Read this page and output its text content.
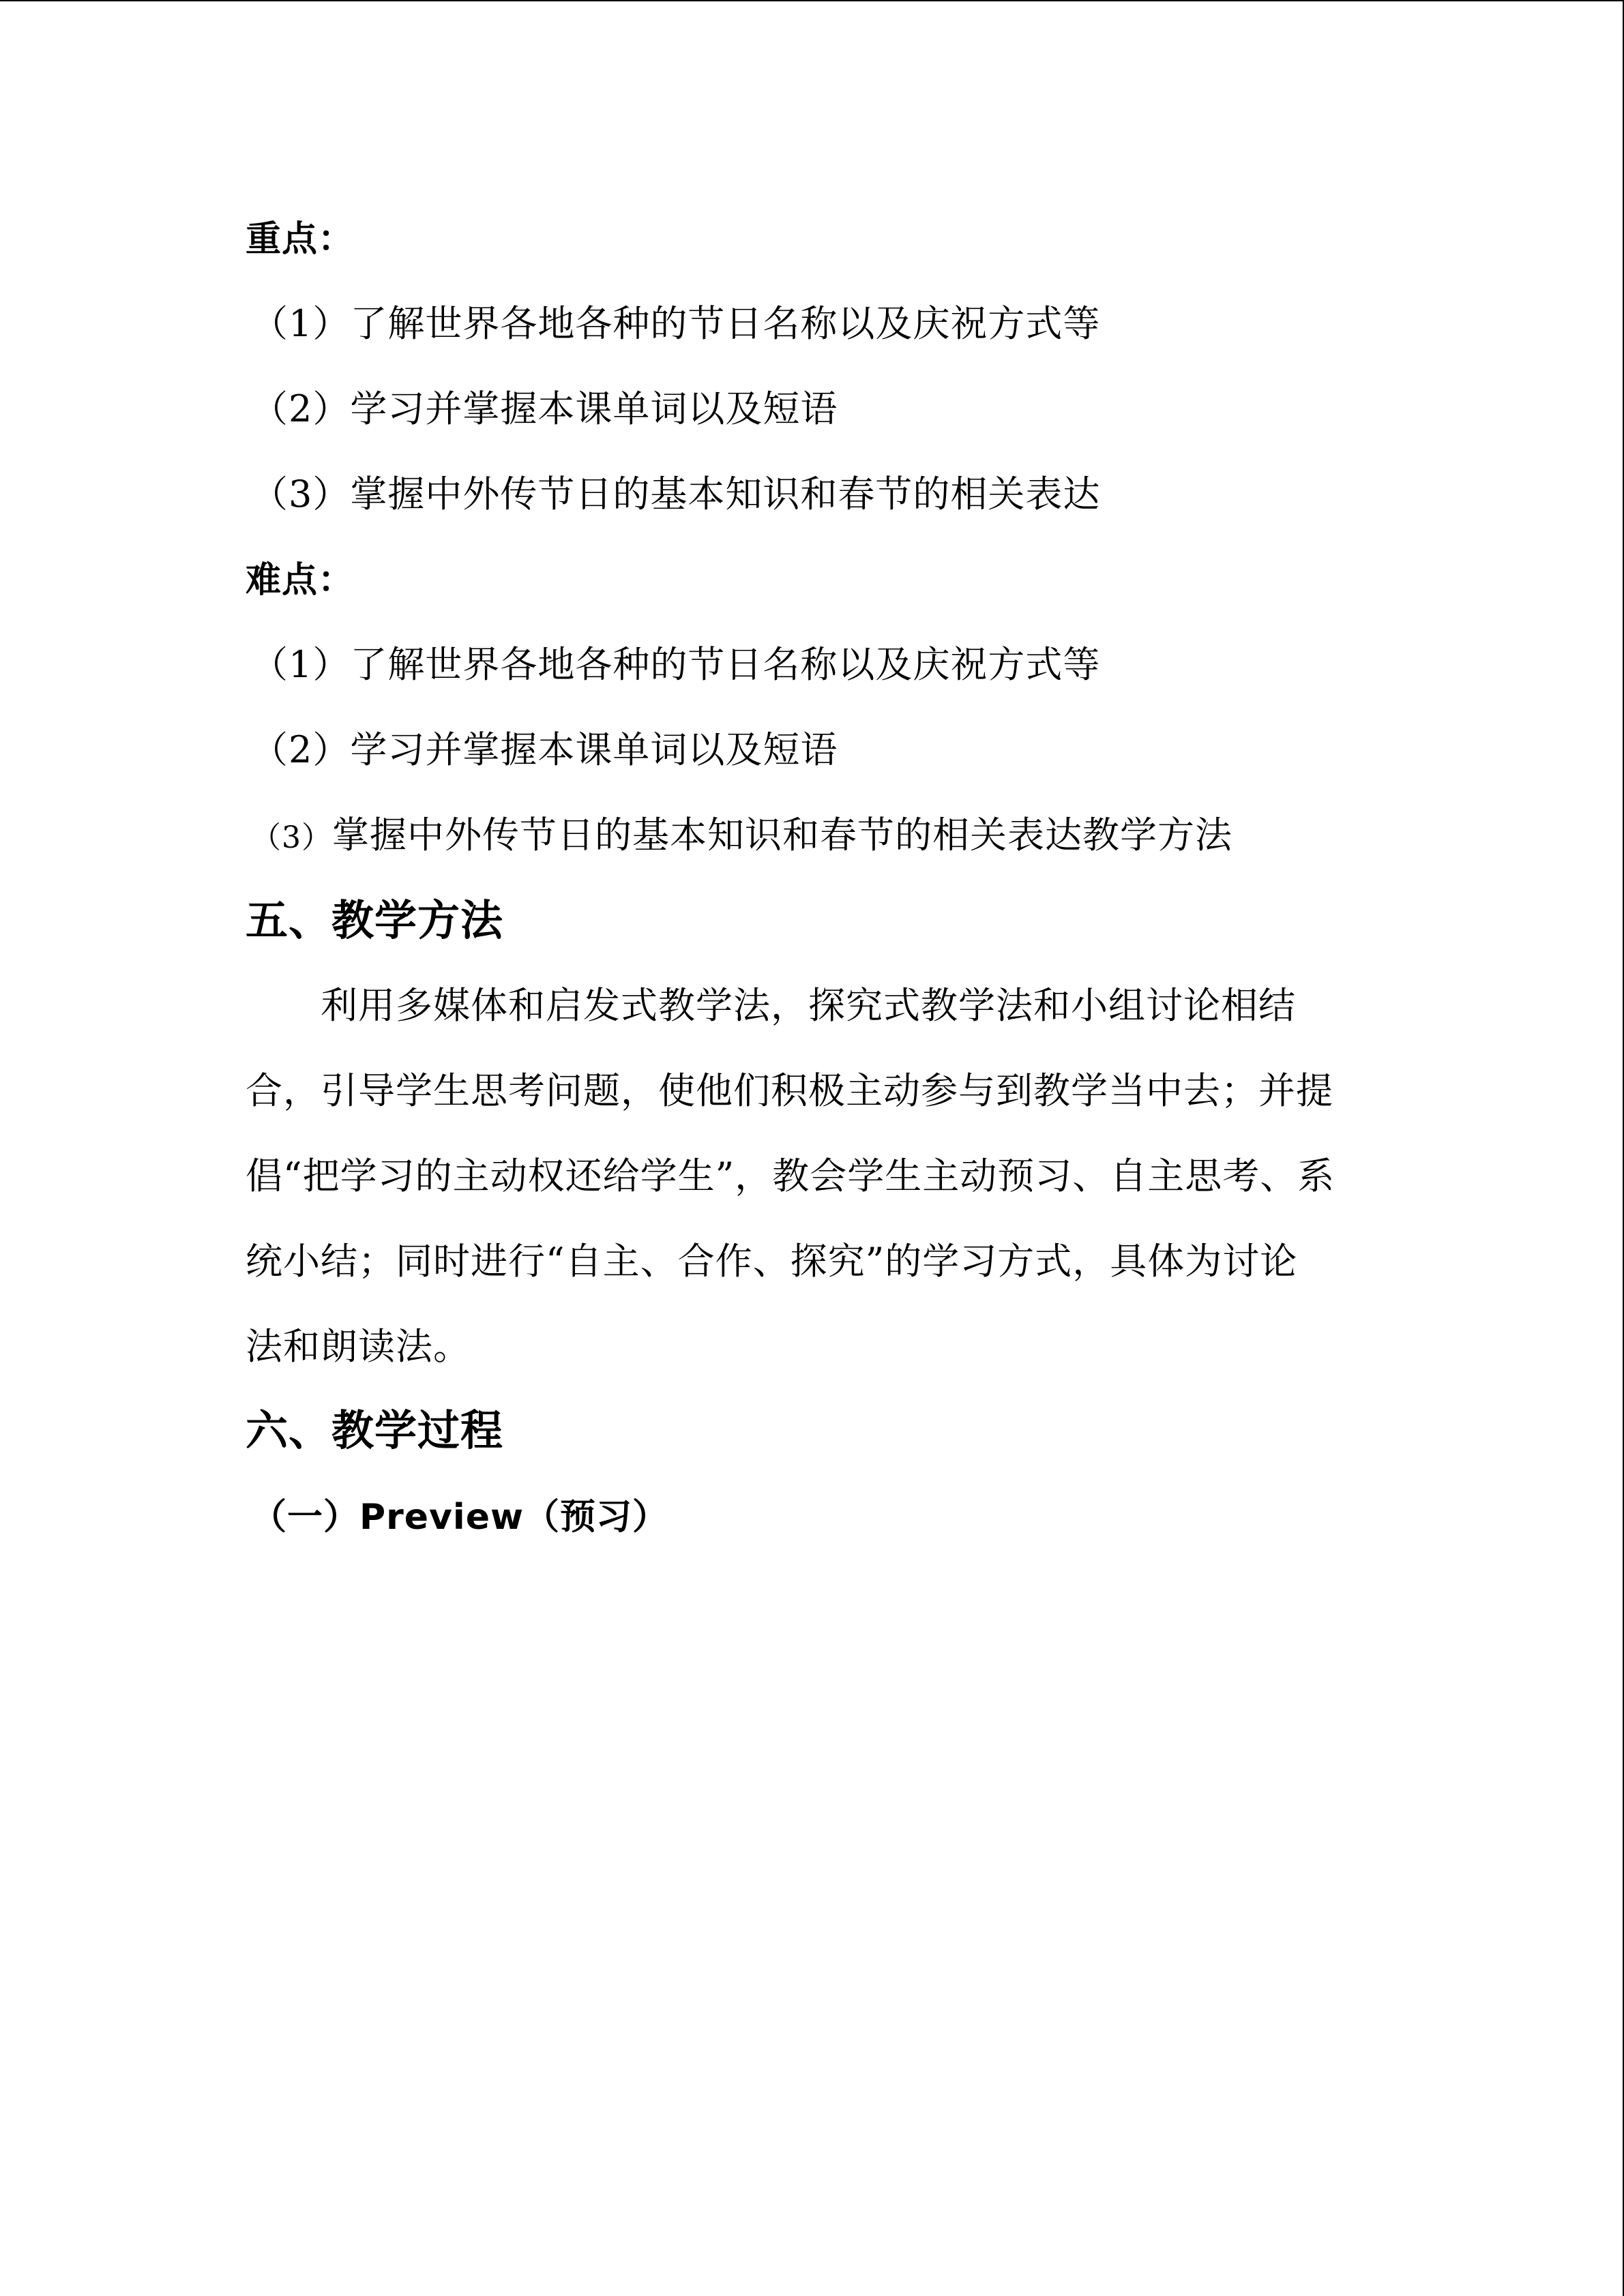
重点：
（1）了解世界各地各种的节日名称以及庆祝方式等
（2）学习并掌握本课单词以及短语
（3）掌握中外传节日的基本知识和春节的相关表达
难点：
（1）了解世界各地各种的节日名称以及庆祝方式等
（2）学习并掌握本课单词以及短语
（3）掌握中外传节日的基本知识和春节的相关表达教学方法
五、教学方法
利用多媒体和启发式教学法，探究式教学法和小组讨论相结
合，引导学生思考问题，使他们积极主动参与到教学当中去；并提
倡“把学习的主动权还给学生”，教会学生主动预习、自主思考、系
统小结；同时进行“自主、合作、探究”的学习方式，具体为讨论
法和朗读法。
六、教学过程
（一）Preview（预习）
